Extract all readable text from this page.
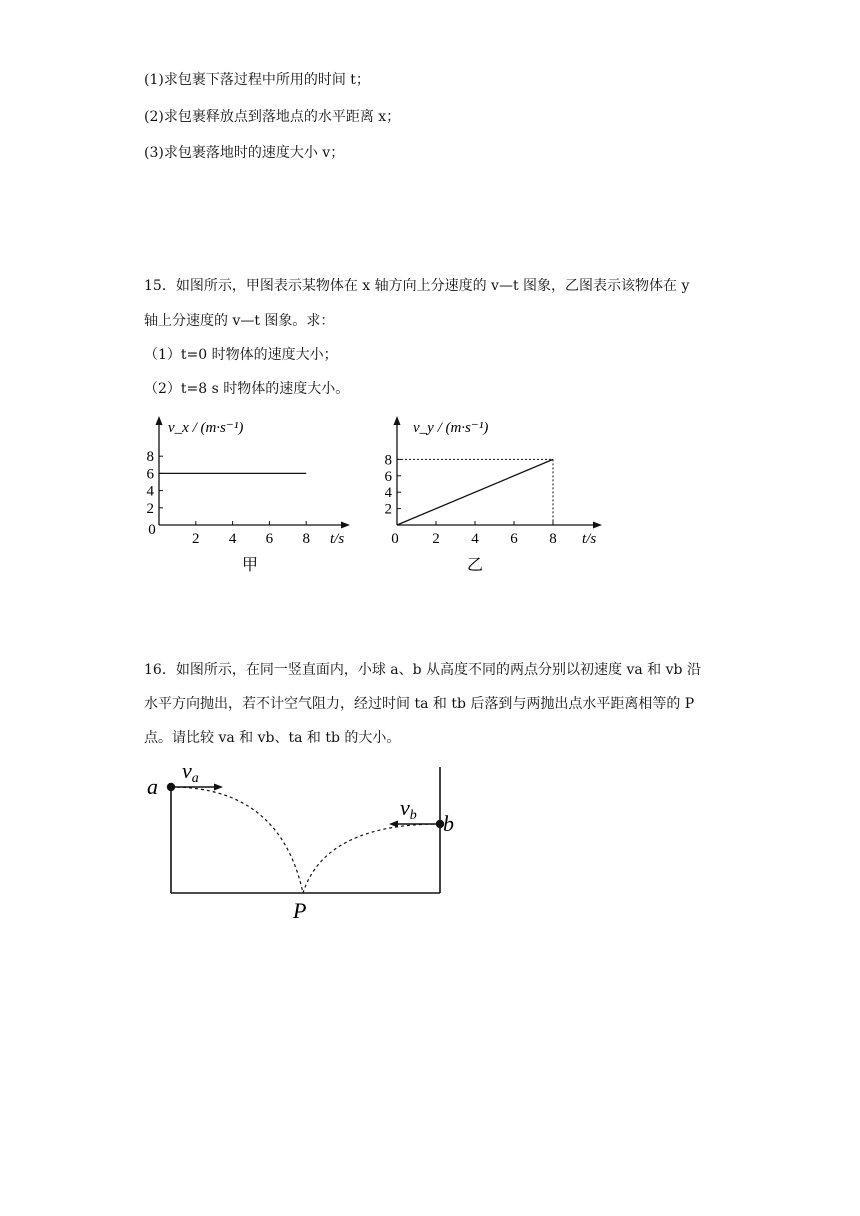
(1)求包裹下落过程中所用的时间 t；
(2)求包裹释放点到落地点的水平距离 x；
(3)求包裹落地时的速度大小 v；
15．如图所示，甲图表示某物体在 x 轴方向上分速度的 v—t 图象，乙图表示该物体在 y
轴上分速度的 v—t 图象。求：
（1）t=0 时物体的速度大小；
（2）t=8 s 时物体的速度大小。
2 4 6 8
2
4
6
8
0
v_x / (m·s⁻¹)
t/s
甲
0 2 4 6 8
2
4
6
8
v_y / (m·s⁻¹)
t/s
乙
16．如图所示，在同一竖直面内，小球 a、b 从高度不同的两点分别以初速度 va 和 vb 沿
水平方向抛出，若不计空气阻力，经过时间 ta 和 tb 后落到与两抛出点水平距离相等的 P
点。请比较 va 和 vb、ta 和 tb 的大小。
a
b
P
va
vb
